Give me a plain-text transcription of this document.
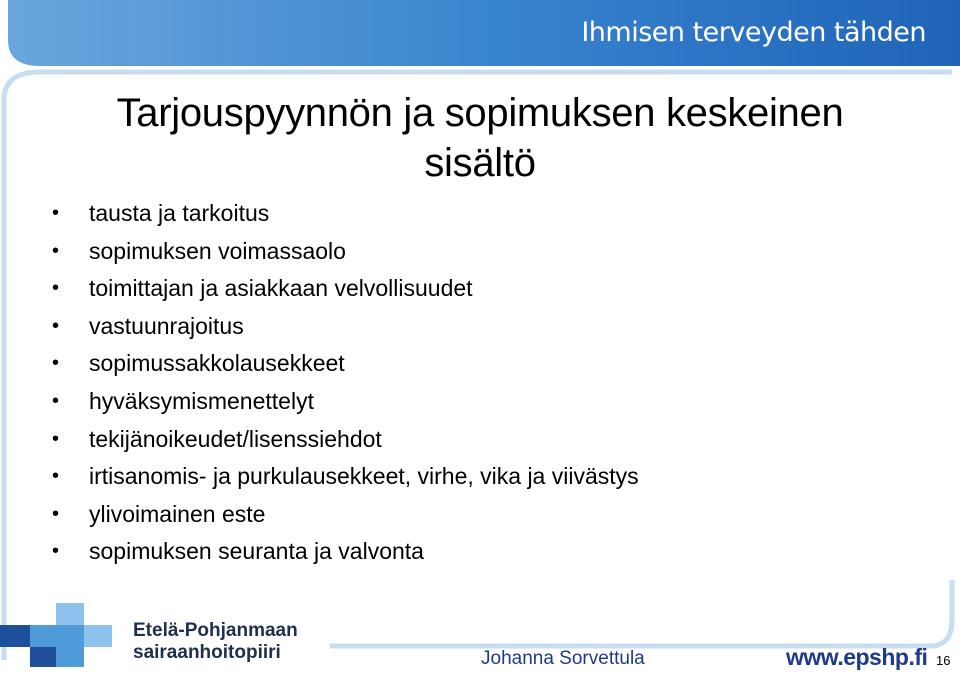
Ihmisen terveyden tähden

Tarjouspyynnön ja sopimuksen keskeinen
sisältö
• tausta ja tarkoitus
• sopimuksen voimassaolo
• toimittajan ja asiakkaan velvollisuudet
• vastuunrajoitus
• sopimussakkolausekkeet
• hyväksymismenettelyt
• tekijänoikeudet/lisenssiehdot
• irtisanomis- ja purkulausekkeet, virhe, vika ja viivästys
• ylivoimainen este
• sopimuksen seuranta ja valvonta

Etelä-Pohjanmaan
sairaanhoitopiiri	Johanna Sorvettula	www.epshp.fi 16
